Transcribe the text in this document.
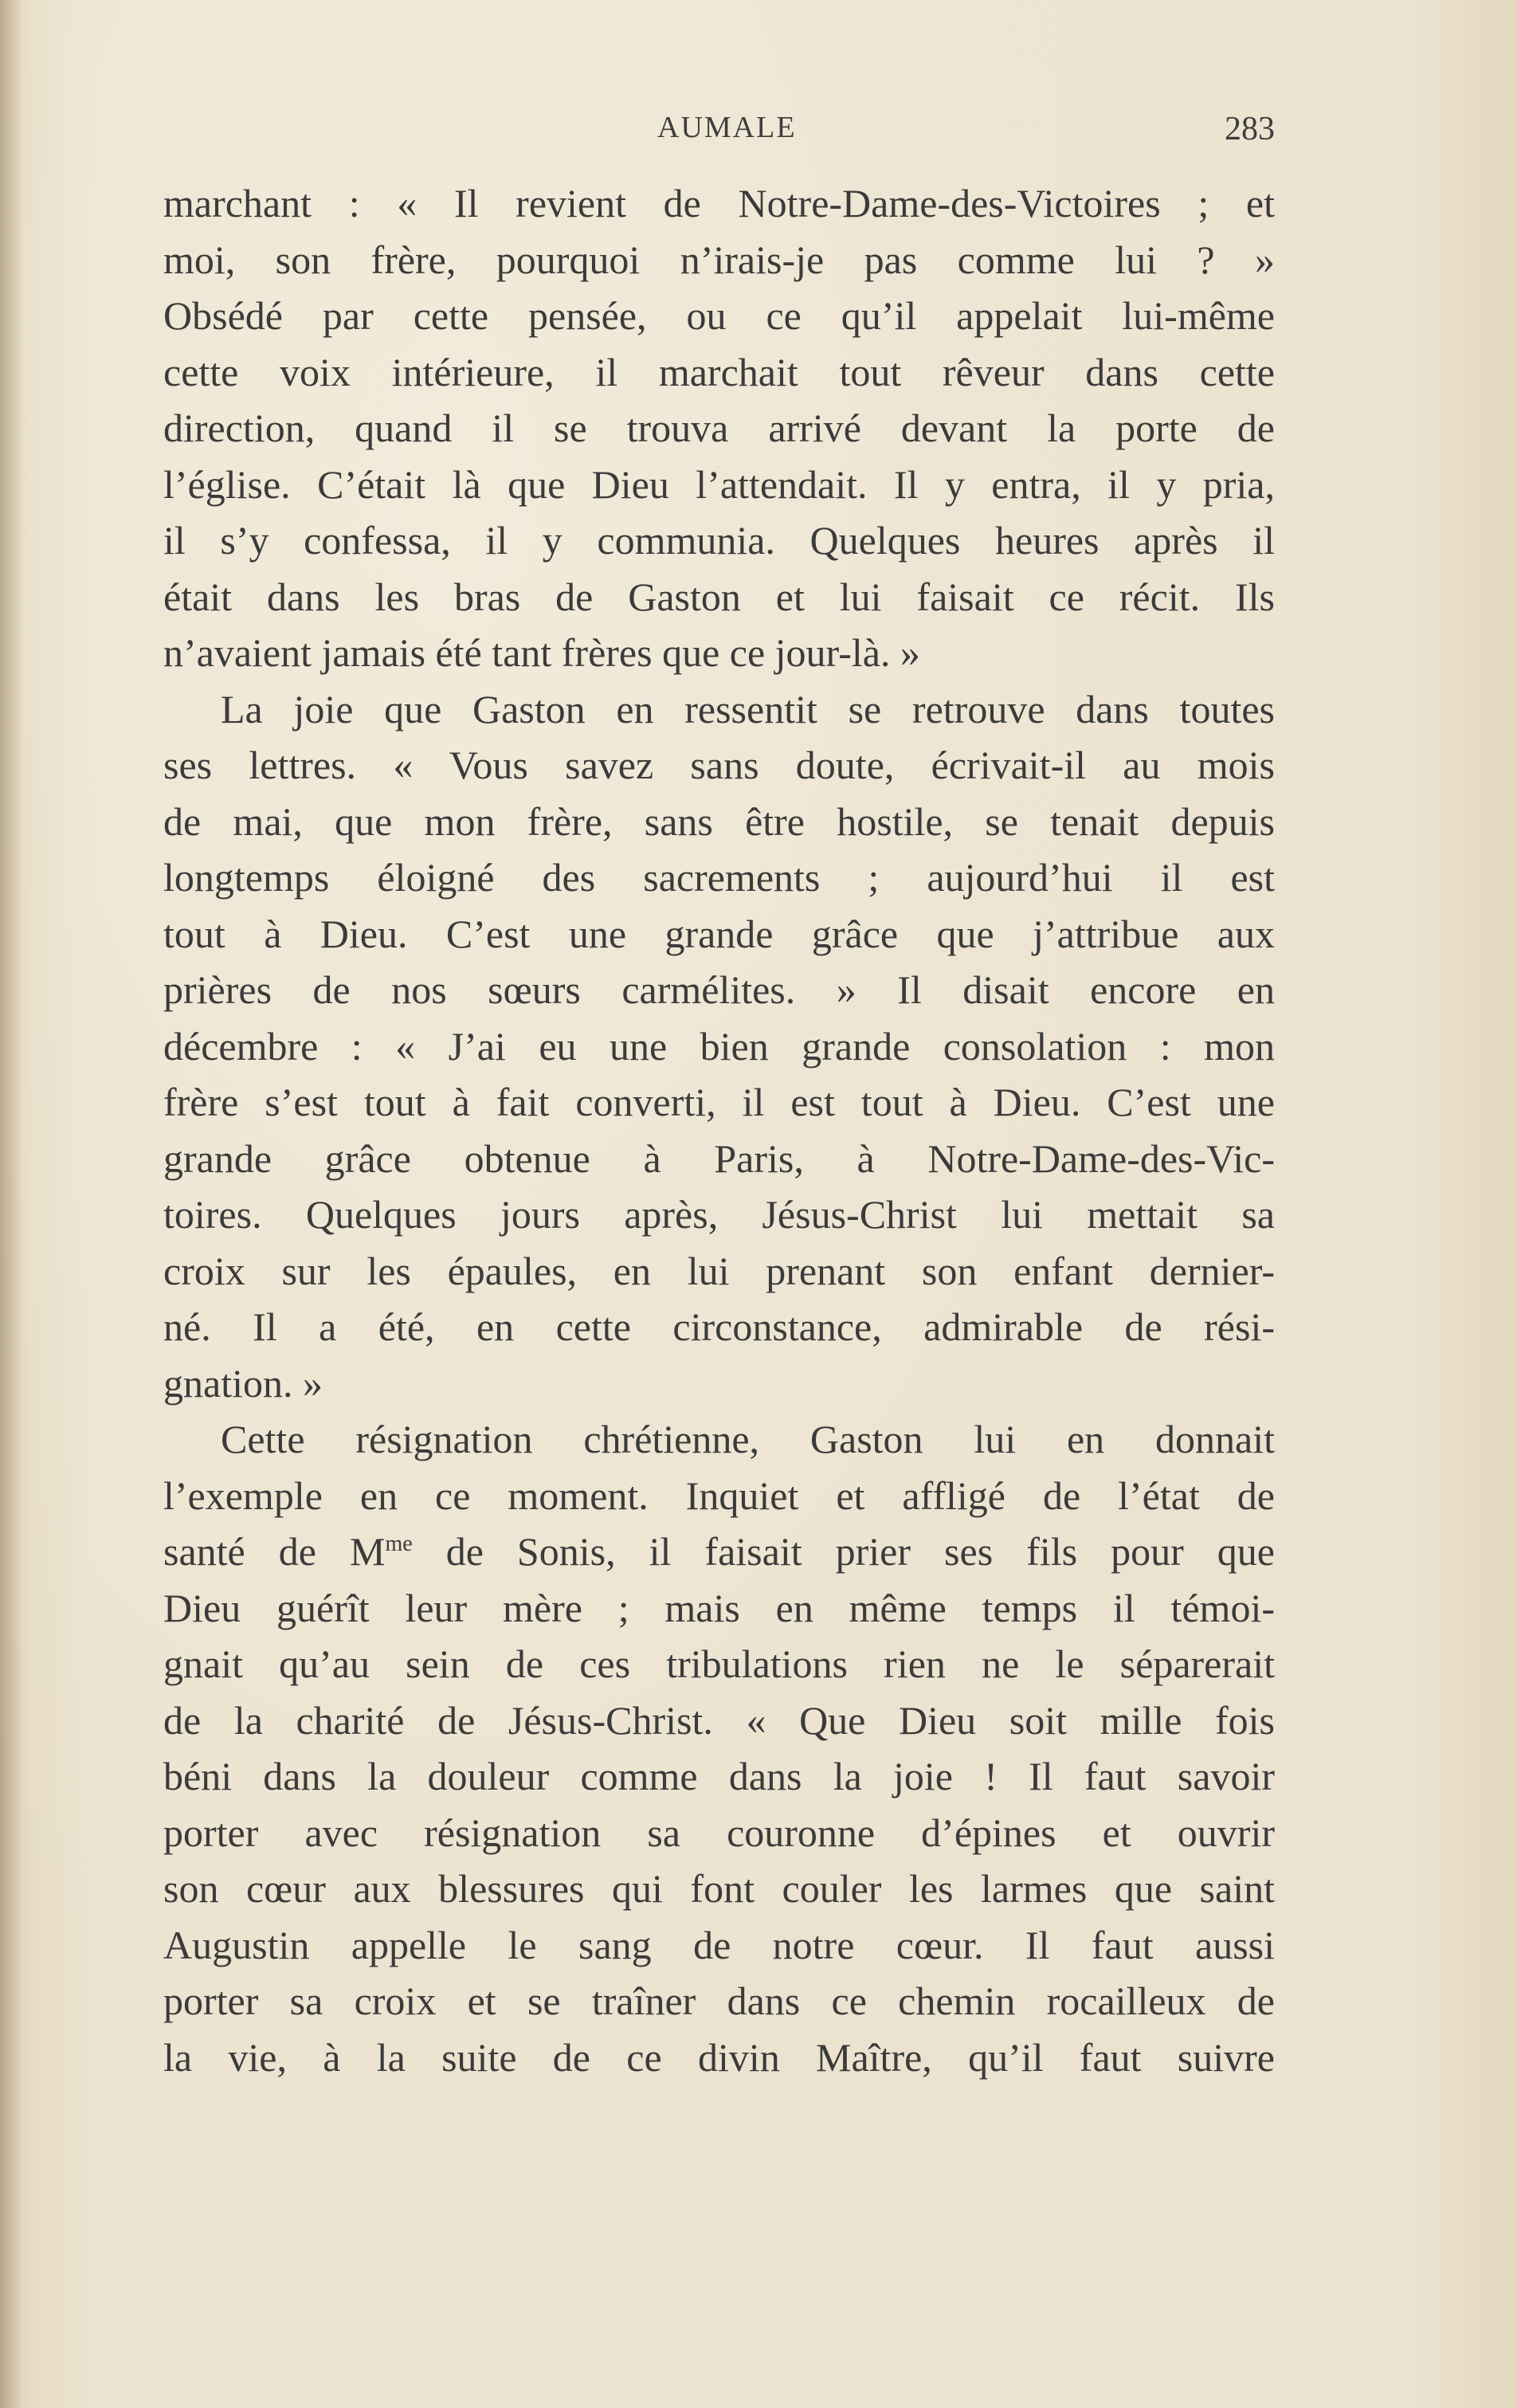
AUMALE	283
marchant : « Il revient de Notre-Dame-des-Victoires ; et
moi, son frère, pourquoi n’irais-je pas comme lui ? »
Obsédé par cette pensée, ou ce qu’il appelait lui-même
cette voix intérieure, il marchait tout rêveur dans cette
direction, quand il se trouva arrivé devant la porte de
l’église. C’était là que Dieu l’attendait. Il y entra, il y pria,
il s’y confessa, il y communia. Quelques heures après il
était dans les bras de Gaston et lui faisait ce récit. Ils
n’avaient jamais été tant frères que ce jour-là. »
La joie que Gaston en ressentit se retrouve dans toutes
ses lettres. « Vous savez sans doute, écrivait-il au mois
de mai, que mon frère, sans être hostile, se tenait depuis
longtemps éloigné des sacrements ; aujourd’hui il est
tout à Dieu. C’est une grande grâce que j’attribue aux
prières de nos sœurs carmélites. » Il disait encore en
décembre : « J’ai eu une bien grande consolation : mon
frère s’est tout à fait converti, il est tout à Dieu. C’est une
grande grâce obtenue à Paris, à Notre-Dame-des-Vic-
toires. Quelques jours après, Jésus-Christ lui mettait sa
croix sur les épaules, en lui prenant son enfant dernier-
né. Il a été, en cette circonstance, admirable de rési-
gnation. »
Cette résignation chrétienne, Gaston lui en donnait
l’exemple en ce moment. Inquiet et affligé de l’état de
santé de $M^{me}$ de Sonis, il faisait prier ses fils pour que
Dieu guérît leur mère ; mais en même temps il témoi-
gnait qu’au sein de ces tribulations rien ne le séparerait
de la charité de Jésus-Christ. « Que Dieu soit mille fois
béni dans la douleur comme dans la joie ! Il faut savoir
porter avec résignation sa couronne d’épines et ouvrir
son cœur aux blessures qui font couler les larmes que saint
Augustin appelle le sang de notre cœur. Il faut aussi
porter sa croix et se traîner dans ce chemin rocailleux de
la vie, à la suite de ce divin Maître, qu’il faut suivre
